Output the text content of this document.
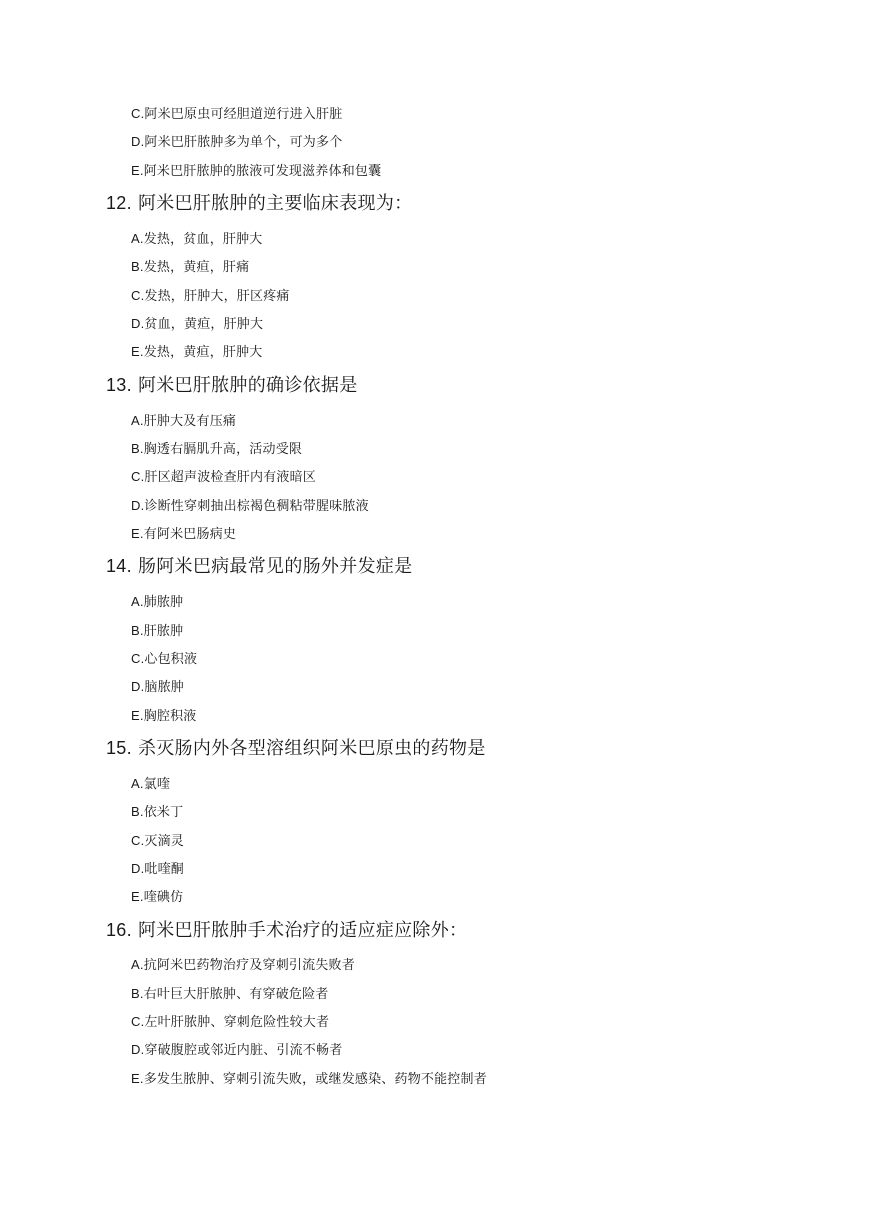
C.阿米巴原虫可经胆道逆行进入肝脏
D.阿米巴肝脓肿多为单个，可为多个
E.阿米巴肝脓肿的脓液可发现滋养体和包囊
12. 阿米巴肝脓肿的主要临床表现为：
A.发热，贫血，肝肿大
B.发热，黄疸，肝痛
C.发热，肝肿大，肝区疼痛
D.贫血，黄疸，肝肿大
E.发热，黄疸，肝肿大
13. 阿米巴肝脓肿的确诊依据是
A.肝肿大及有压痛
B.胸透右膈肌升高，活动受限
C.肝区超声波检查肝内有液暗区
D.诊断性穿刺抽出棕褐色稠粘带腥味脓液
E.有阿米巴肠病史
14. 肠阿米巴病最常见的肠外并发症是
A.肺脓肿
B.肝脓肿
C.心包积液
D.脑脓肿
E.胸腔积液
15. 杀灭肠内外各型溶组织阿米巴原虫的药物是
A.氯喹
B.依米丁
C.灭滴灵
D.吡喹酮
E.喹碘仿
16. 阿米巴肝脓肿手术治疗的适应症应除外：
A.抗阿米巴药物治疗及穿刺引流失败者
B.右叶巨大肝脓肿、有穿破危险者
C.左叶肝脓肿、穿刺危险性较大者
D.穿破腹腔或邻近内脏、引流不畅者
E.多发生脓肿、穿刺引流失败，或继发感染、药物不能控制者
